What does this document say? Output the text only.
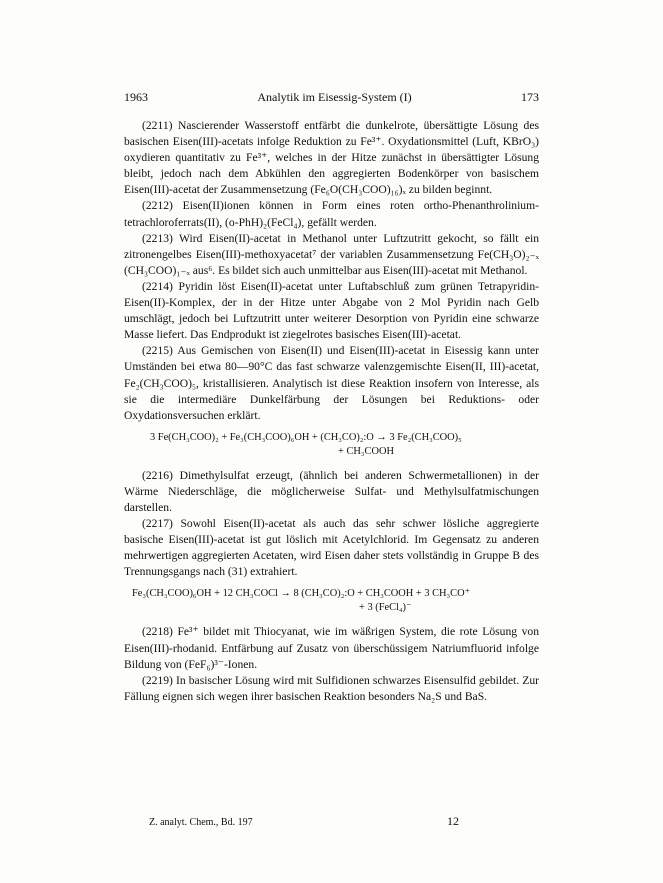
1963	Analytik im Eisessig-System (I)	173

(2211) Nascierender Wasserstoff entfärbt die dunkelrote, übersättigte Lösung des basischen Eisen(III)-acetats infolge Reduktion zu Fe³⁺. Oxydationsmittel (Luft, KBrO₃) oxydieren quantitativ zu Fe³⁺, welches in der Hitze zunächst in übersättigter Lösung bleibt, jedoch nach dem Abkühlen den aggregierten Bodenkörper von basischem Eisen(III)-acetat der Zusammensetzung (Fe₆O(CH₃COO)₁₆)ₓ zu bilden beginnt.

(2212) Eisen(II)ionen können in Form eines roten ortho-Phenanthrolinium-tetrachloroferrats(II), (o-PhH)₂(FeCl₄), gefällt werden.

(2213) Wird Eisen(II)-acetat in Methanol unter Luftzutritt gekocht, so fällt ein zitronengelbes Eisen(III)-methoxyacetat⁷ der variablen Zusammensetzung Fe(CH₃O)₂₋ₓ (CH₃COO)₁₋ₓ aus⁶. Es bildet sich auch unmittelbar aus Eisen(III)-acetat mit Methanol.

(2214) Pyridin löst Eisen(II)-acetat unter Luftabschluß zum grünen Tetrapyridin-Eisen(II)-Komplex, der in der Hitze unter Abgabe von 2 Mol Pyridin nach Gelb umschlägt, jedoch bei Luftzutritt unter weiterer Desorption von Pyridin eine schwarze Masse liefert. Das Endprodukt ist ziegelrotes basisches Eisen(III)-acetat.

(2215) Aus Gemischen von Eisen(II) und Eisen(III)-acetat in Eisessig kann unter Umständen bei etwa 80—90°C das fast schwarze valenzgemischte Eisen(II, III)-acetat, Fe₂(CH₃COO)₅, kristallisieren. Analytisch ist diese Reaktion insofern von Interesse, als sie die intermediäre Dunkelfärbung der Lösungen bei Reduktions- oder Oxydationsversuchen erklärt.

3 Fe(CH₃COO)₂ + Fe₃(CH₃COO)₆OH + (CH₃CO)₂:O → 3 Fe₂(CH₃COO)₅
+ CH₃COOH

(2216) Dimethylsulfat erzeugt, (ähnlich bei anderen Schwermetallionen) in der Wärme Niederschläge, die möglicherweise Sulfat- und Methylsulfatmischungen darstellen.

(2217) Sowohl Eisen(II)-acetat als auch das sehr schwer lösliche aggregierte basische Eisen(III)-acetat ist gut löslich mit Acetylchlorid. Im Gegensatz zu anderen mehrwertigen aggregierten Acetaten, wird Eisen daher stets vollständig in Gruppe B des Trennungsgangs nach (31) extrahiert.

Fe₃(CH₃COO)₆OH + 12 CH₃COCl → 8 (CH₃CO)₂:O + CH₃COOH + 3 CH₃CO⁺
+ 3 (FeCl₄)⁻

(2218) Fe³⁺ bildet mit Thiocyanat, wie im wäßrigen System, die rote Lösung von Eisen(III)-rhodanid. Entfärbung auf Zusatz von überschüssigem Natriumfluorid infolge Bildung von (FeF₆)³⁻-Ionen.

(2219) In basischer Lösung wird mit Sulfidionen schwarzes Eisensulfid gebildet. Zur Fällung eignen sich wegen ihrer basischen Reaktion besonders Na₂S und BaS.

Z. analyt. Chem., Bd. 197	12
